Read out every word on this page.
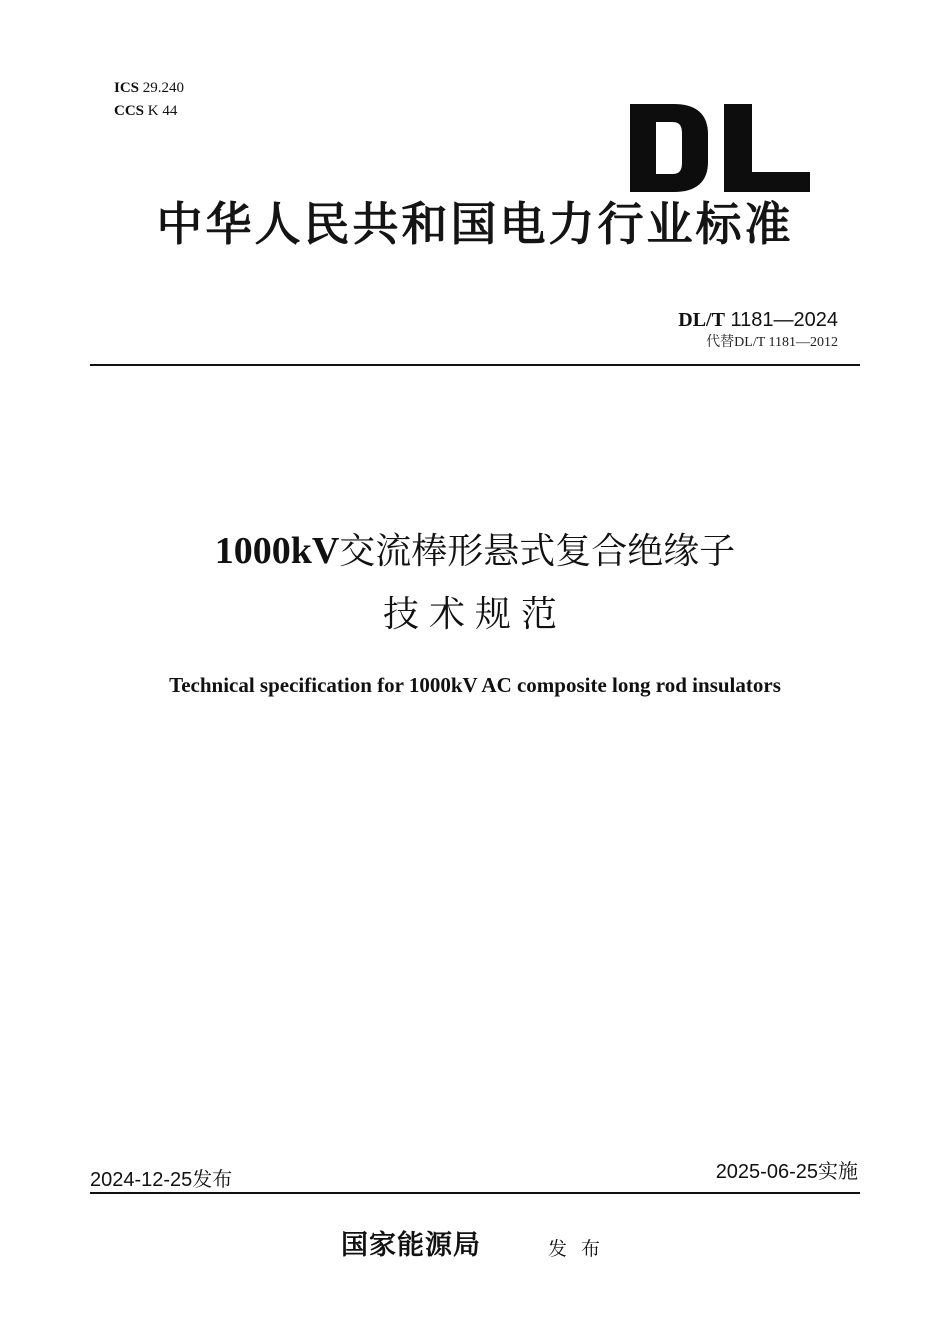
ICS 29.240
CCS K 44
中华人民共和国电力行业标准
DL/T 1181—2024
代替DL/T 1181—2012
1000kV交流棒形悬式复合绝缘子
技术规范
Technical specification for 1000kV AC composite long rod insulators
2024-12-25发布	2025-06-25实施
国家能源局	发布
